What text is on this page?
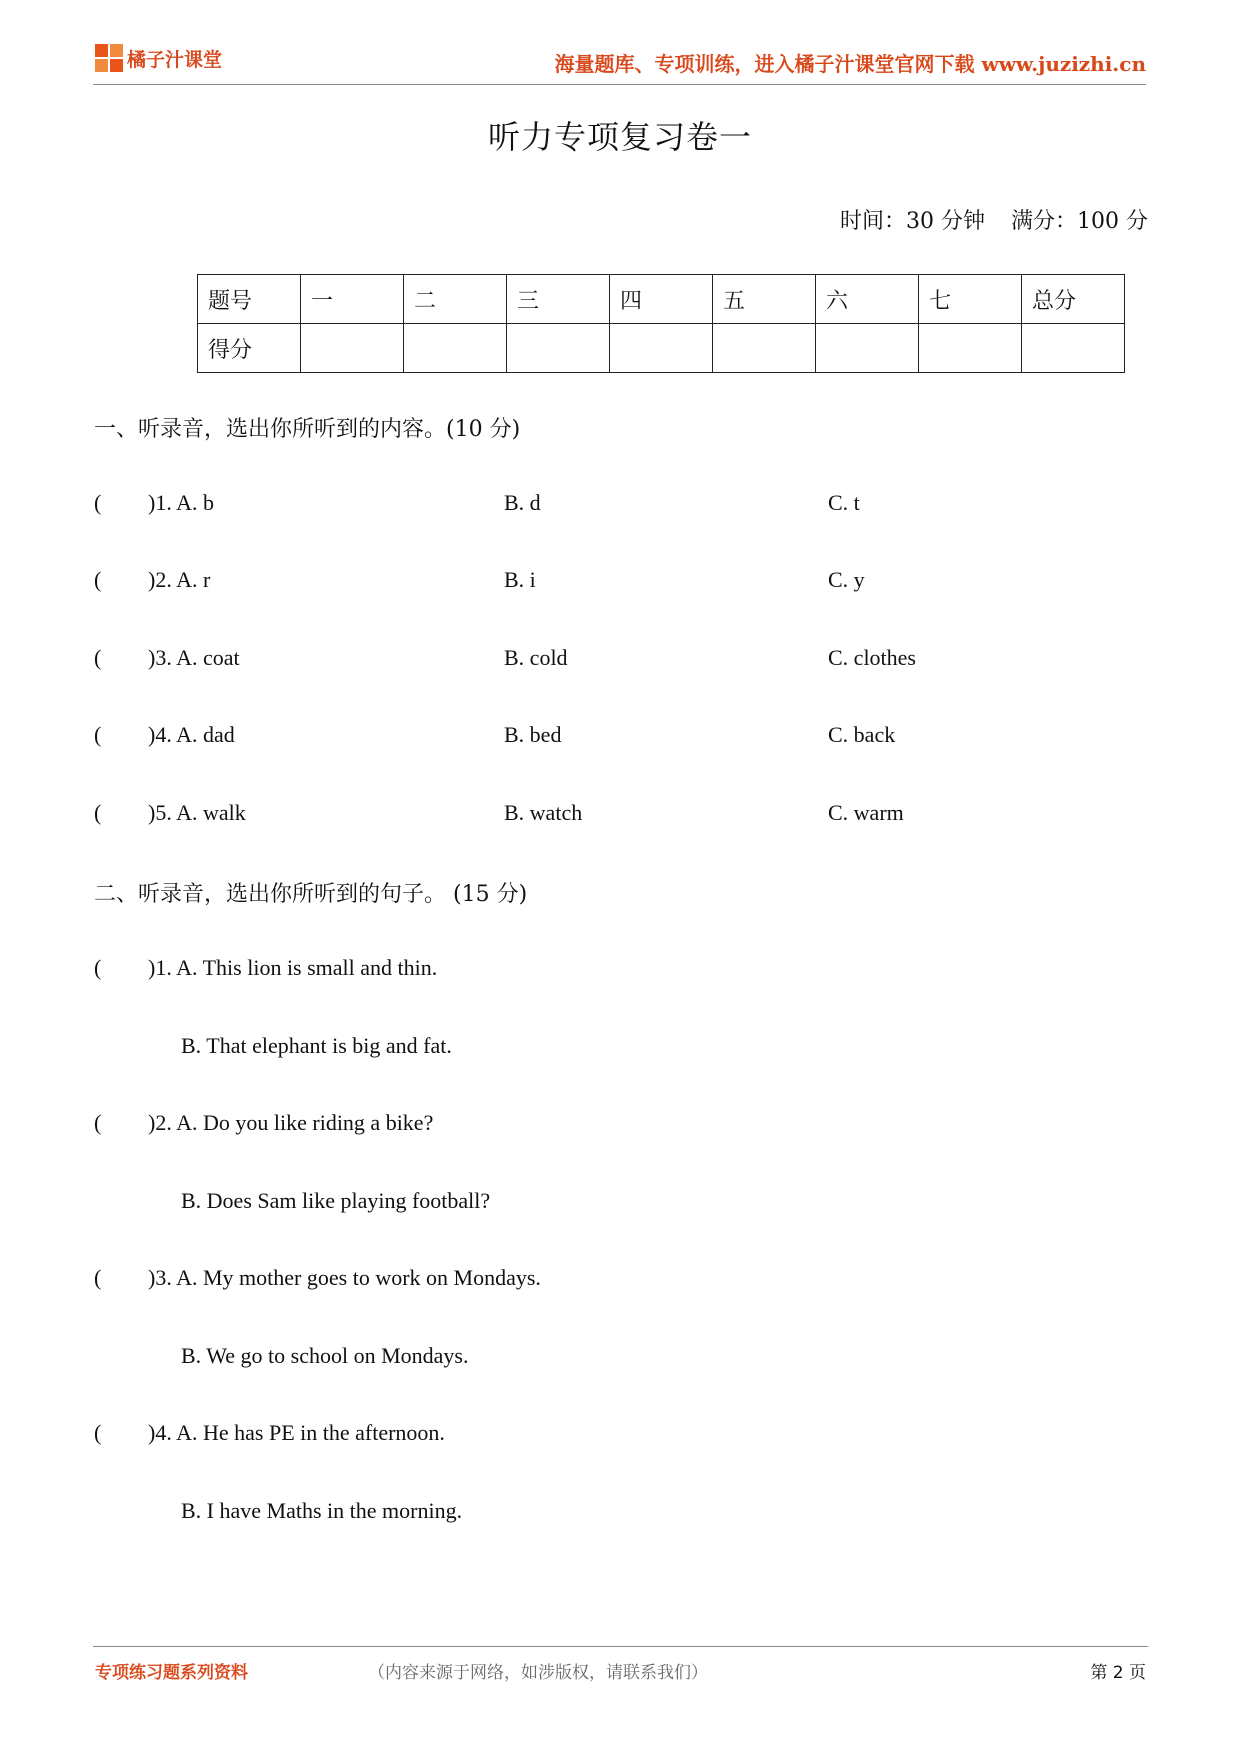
橘子汁课堂	海量题库、专项训练，进入橘子汁课堂官网下载 www.juzizhi.cn
听力专项复习卷一
时间：30 分钟 满分：100 分
题号	一	二	三	四	五	六	七	总分
得分								
一、听录音，选出你所听到的内容。(10 分)
( )1. A. b	B. d	C. t
( )2. A. r	B. i	C. y
( )3. A. coat	B. cold	C. clothes
( )4. A. dad	B. bed	C. back
( )5. A. walk	B. watch	C. warm
二、听录音，选出你所听到的句子。 (15 分)
( )1. A. This lion is small and thin.
B. That elephant is big and fat.
( )2. A. Do you like riding a bike?
B. Does Sam like playing football?
( )3. A. My mother goes to work on Mondays.
B. We go to school on Mondays.
( )4. A. He has PE in the afternoon.
B. I have Maths in the morning.
专项练习题系列资料	（内容来源于网络，如涉版权，请联系我们）	第 2 页
